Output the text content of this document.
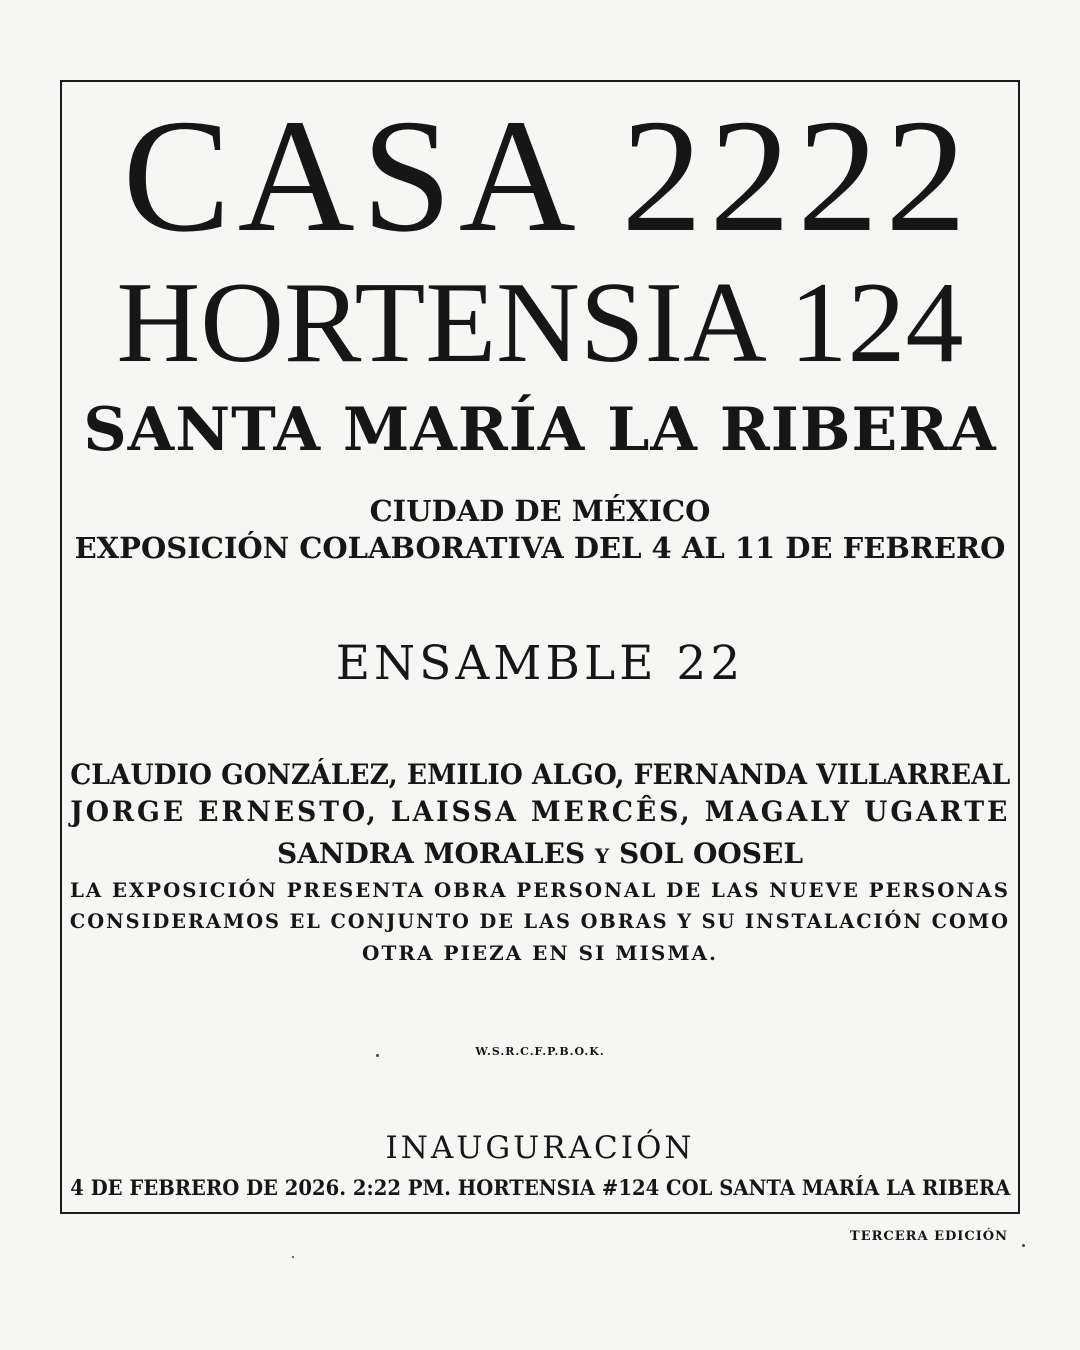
CASA 2222
HORTENSIA 124
SANTA MARÍA LA RIBERA
CIUDAD DE MÉXICO
EXPOSICIÓN COLABORATIVA DEL 4 AL 11 DE FEBRERO
ENSAMBLE 22
CLAUDIO GONZÁLEZ, EMILIO ALGO, FERNANDA VILLARREAL
JORGE ERNESTO, LAISSA MERCÊS, MAGALY UGARTE
SANDRA MORALES Y SOL OOSEL
LA EXPOSICIÓN PRESENTA OBRA PERSONAL DE LAS NUEVE PERSONAS
CONSIDERAMOS EL CONJUNTO DE LAS OBRAS Y SU INSTALACIÓN COMO
OTRA PIEZA EN SI MISMA.
W.S.R.C.F.P.B.O.K.
INAUGURACIÓN
4 DE FEBRERO DE 2026. 2:22 PM. HORTENSIA #124 COL SANTA MARÍA LA RIBERA
TERCERA EDICIÓN
